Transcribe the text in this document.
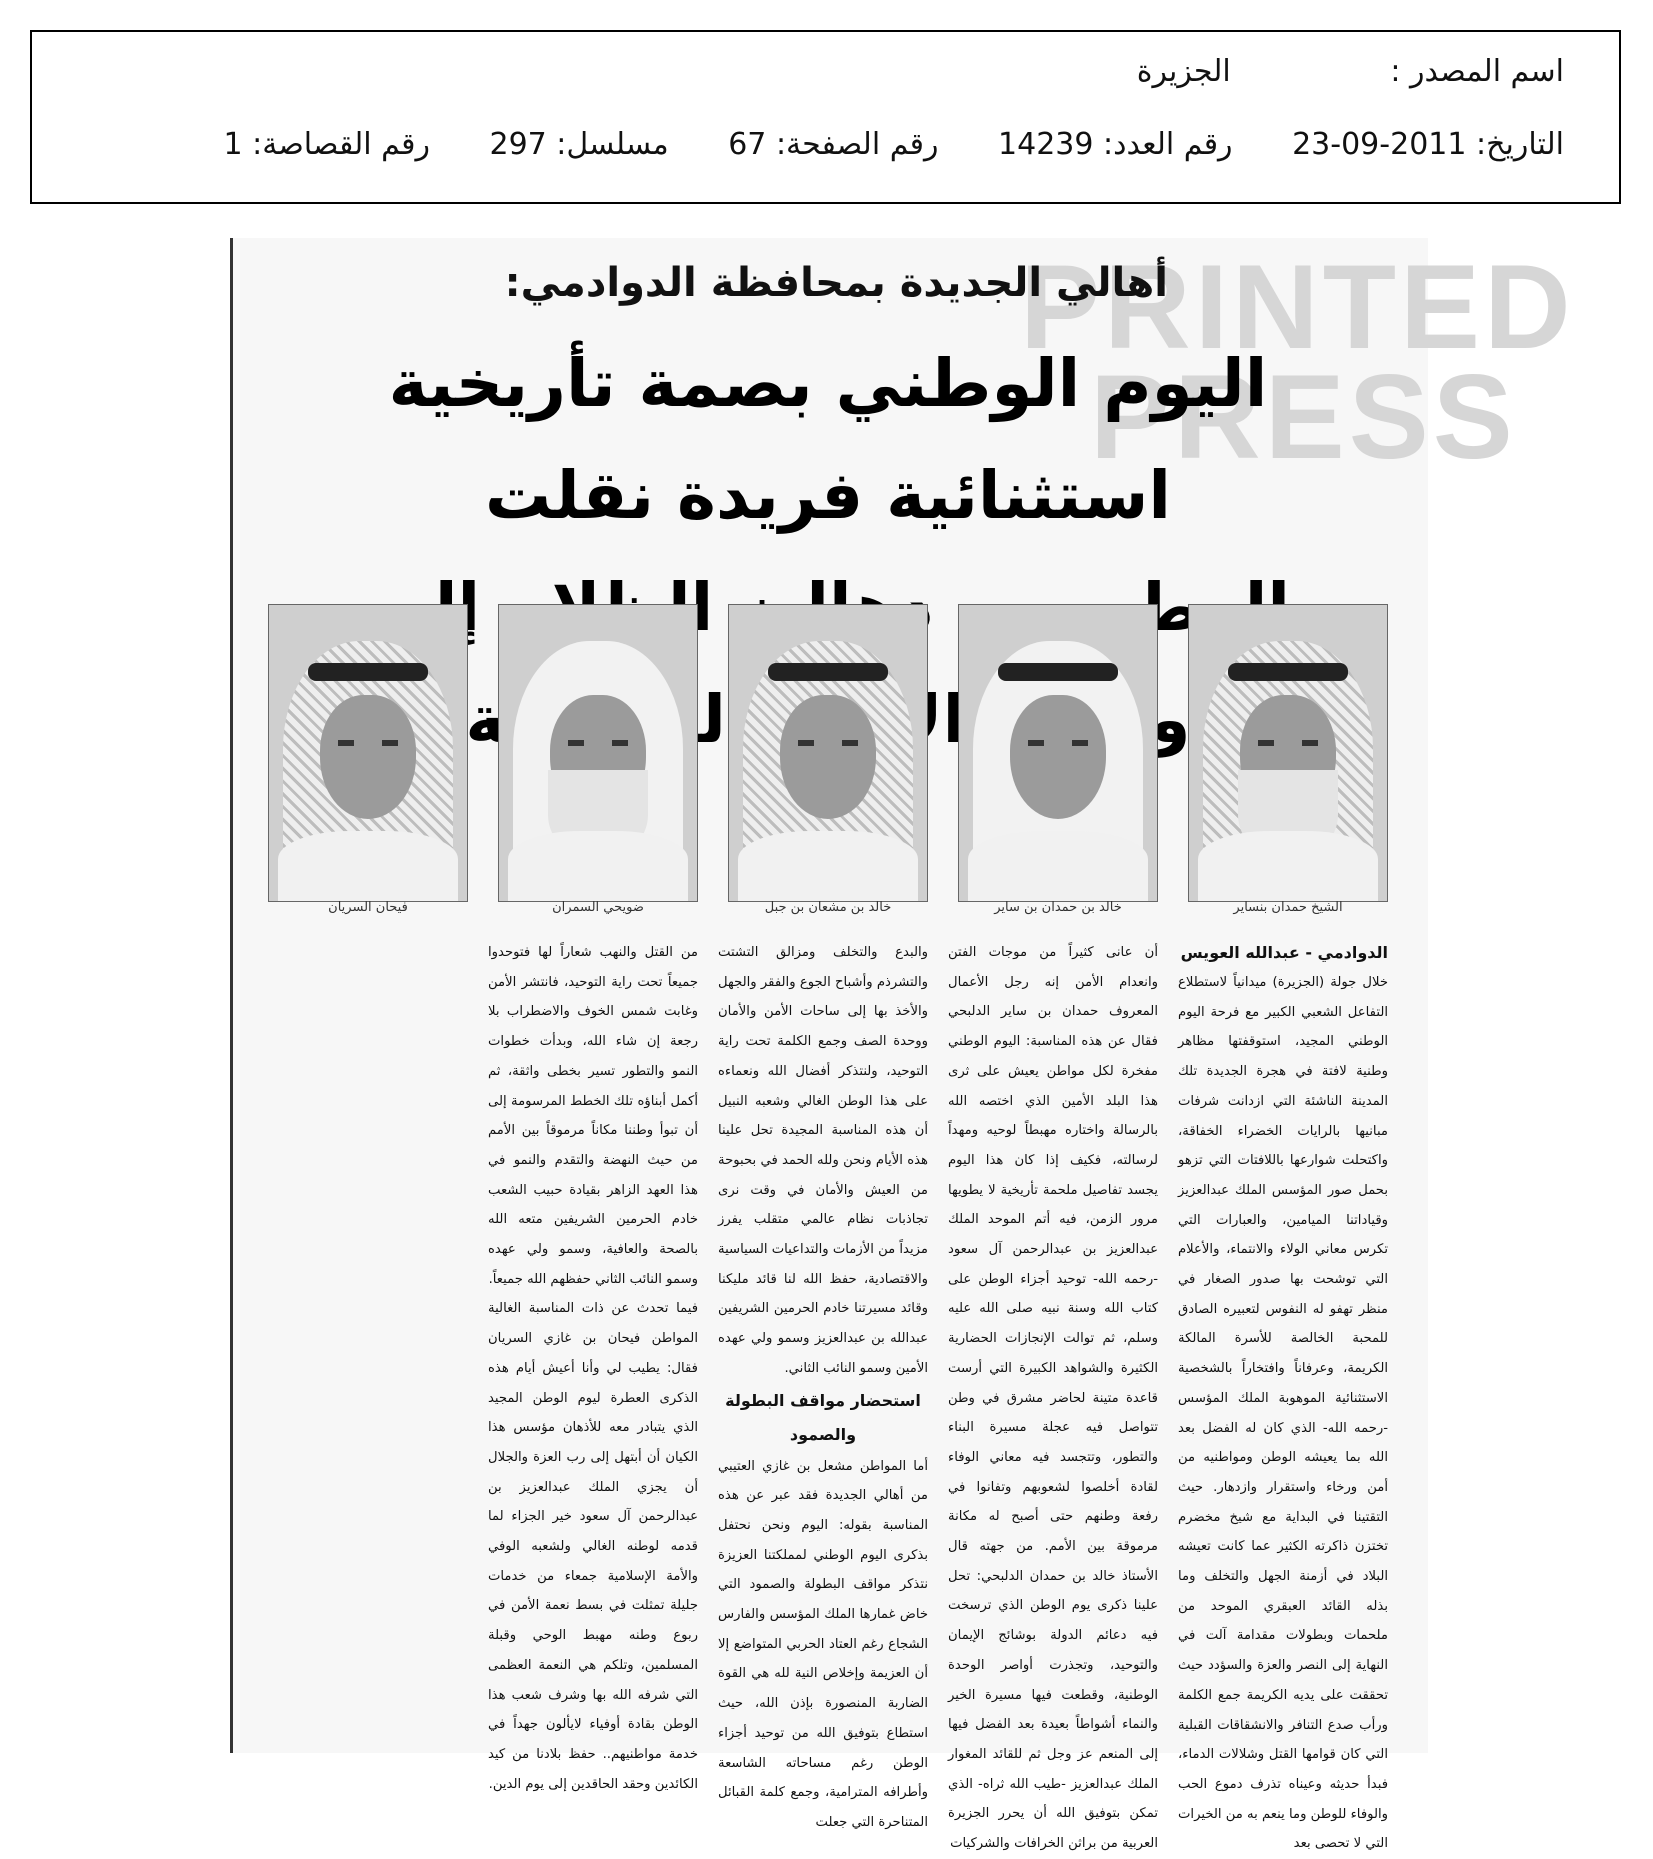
اسم المصدر : الجزيرة
التاريخ: 2011-09-23 رقم العدد: 14239 رقم الصفحة: 67 مسلسل: 297 رقم القصاصة: 1
PRINTED
PRESS
أهالي الجديدة بمحافظة الدوادمي:
اليوم الوطني بصمة تأريخية استثنائية فريدة نقلت
الوطن
الشيخ حمدان بنساير
خالد بن حمدان بن ساير
خالد بن مشعان بن جبل
ضويحي السمران
فيحان السريان

الدوادمي - عبدالله العويس

خلال جولة (الجزيرة) ميدانياً لاستطلاع التفاعل الشعبي الكبير مع فرحة اليوم الوطني المجيد، استوقفتها مظاهر وطنية لافتة في هجرة الجديدة تلك المدينة الناشئة التي ازدانت شرفات مبانيها بالرايات الخضراء الخفاقة، واكتحلت شوارعها باللافتات التي تزهو بحمل صور المؤسس الملك عبدالعزيز وقياداتنا الميامين، والعبارات التي تكرس معاني الولاء والانتماء، والأعلام التي توشحت بها صدور الصغار في منظر تهفو له النفوس لتعبيره الصادق للمحبة الخالصة للأسرة المالكة الكريمة، وعرفاناً وافتخاراً بالشخصية الاستثنائية الموهوبة الملك المؤسس -رحمه الله- الذي كان له الفضل بعد الله بما يعيشه الوطن ومواطنيه من أمن ورخاء واستقرار وازدهار. حيث التقتينا في البداية مع شيخ مخضرم تختزن ذاكرته الكثير عما كانت تعيشه البلاد في أزمنة الجهل والتخلف وما بذله القائد العبقري الموحد من ملحمات وبطولات مقدامة آلت في النهاية إلى النصر والعزة والسؤدد حيث تحققت على يديه الكريمة جمع الكلمة ورأب صدع التنافر والانشقاقات القبلية التي كان قوامها القتل وشلالات الدماء، فبدأ حديثه وعيناه تذرف دموع الحب والوفاء للوطن وما ينعم به من الخيرات التي لا تحصى بعد

أن عانى كثيراً من موجات الفتن وانعدام الأمن إنه رجل الأعمال المعروف حمدان بن ساير الدلبحي فقال عن هذه المناسبة: اليوم الوطني مفخرة لكل مواطن يعيش على ثرى هذا البلد الأمين الذي اختصه الله بالرسالة واختاره مهبطاً لوحيه ومهداً لرسالته، فكيف إذا كان هذا اليوم يجسد تفاصيل ملحمة تأريخية لا يطويها مرور الزمن، فيه أتم الموحد الملك عبدالعزيز بن عبدالرحمن آل سعود -رحمه الله- توحيد أجزاء الوطن على كتاب الله وسنة نبيه صلى الله عليه وسلم، ثم توالت الإنجازات الحضارية الكثيرة والشواهد الكبيرة التي أرست قاعدة متينة لحاضر مشرق في وطن تتواصل فيه عجلة مسيرة البناء والتطور، وتتجسد فيه معاني الوفاء لقادة أخلصوا لشعوبهم وتفانوا في رفعة وطنهم حتى أصبح له مكانة مرموقة بين الأمم. من جهته قال الأستاذ خالد بن حمدان الدلبحي: تحل علينا ذكرى يوم الوطن الذي ترسخت فيه دعائم الدولة بوشائج الإيمان والتوحيد، وتجذرت أواصر الوحدة الوطنية، وقطعت فيها مسيرة الخير والنماء أشواطاً بعيدة بعد الفضل فيها إلى المنعم عز وجل ثم للقائد المغوار الملك عبدالعزيز -طيب الله ثراه- الذي تمكن بتوفيق الله أن يحرر الجزيرة العربية من براثن الخرافات والشركيات

والبدع والتخلف ومزالق التشتت والتشرذم وأشباح الجوع والفقر والجهل والأخذ بها إلى ساحات الأمن والأمان ووحدة الصف وجمع الكلمة تحت راية التوحيد، ولنتذكر أفضال الله ونعماءه على هذا الوطن الغالي وشعبه النبيل أن هذه المناسبة المجيدة تحل علينا هذه الأيام ونحن ولله الحمد في بحبوحة من العيش والأمان في وقت نرى تجاذبات نظام عالمي متقلب يفرز مزيداً من الأزمات والتداعيات السياسية والاقتصادية، حفظ الله لنا قائد مليكنا وقائد مسيرتنا خادم الحرمين الشريفين عبدالله بن عبدالعزيز وسمو ولي عهده الأمين وسمو النائب الثاني.

استحضار مواقف البطولة والصمود

أما المواطن مشعل بن غازي العتيبي من أهالي الجديدة فقد عبر عن هذه المناسبة بقوله: اليوم ونحن نحتفل بذكرى اليوم الوطني لمملكتنا العزيزة نتذكر مواقف البطولة والصمود التي خاض غمارها الملك المؤسس والفارس الشجاع رغم العتاد الحربي المتواضع إلا أن العزيمة وإخلاص النية لله هي القوة الضاربة المنصورة بإذن الله، حيث استطاع بتوفيق الله من توحيد أجزاء الوطن رغم مساحاته الشاسعة وأطرافه المترامية، وجمع كلمة القبائل المتناحرة التي جعلت

من القتل والنهب شعاراً لها فتوحدوا جميعاً تحت راية التوحيد، فانتشر الأمن وغابت شمس الخوف والاضطراب بلا رجعة إن شاء الله، وبدأت خطوات النمو والتطور تسير بخطى واثقة، ثم أكمل أبناؤه تلك الخطط المرسومة إلى أن تبوأ وطننا مكاناً مرموقاً بين الأمم من حيث النهضة والتقدم والنمو في هذا العهد الزاهر بقيادة حبيب الشعب خادم الحرمين الشريفين متعه الله بالصحة والعافية، وسمو ولي عهده وسمو النائب الثاني حفظهم الله جميعاً.

فيما تحدث عن ذات المناسبة الغالية المواطن فيحان بن غازي السريان فقال: يطيب لي وأنا أعيش أيام هذه الذكرى العطرة ليوم الوطن المجيد الذي يتبادر معه للأذهان مؤسس هذا الكيان أن أبتهل إلى رب العزة والجلال أن يجزي الملك عبدالعزيز بن عبدالرحمن آل سعود خير الجزاء لما قدمه لوطنه الغالي ولشعبه الوفي والأمة الإسلامية جمعاء من خدمات جليلة تمثلت في بسط نعمة الأمن في ربوع وطنه مهبط الوحي وقبلة المسلمين، وتلكم هي النعمة العظمى التي شرفه الله بها وشرف شعب هذا الوطن بقادة أوفياء لايألون جهداً في خدمة مواطنيهم.. حفظ بلادنا من كيد الكائدين وحقد الحاقدين إلى يوم الدين.
